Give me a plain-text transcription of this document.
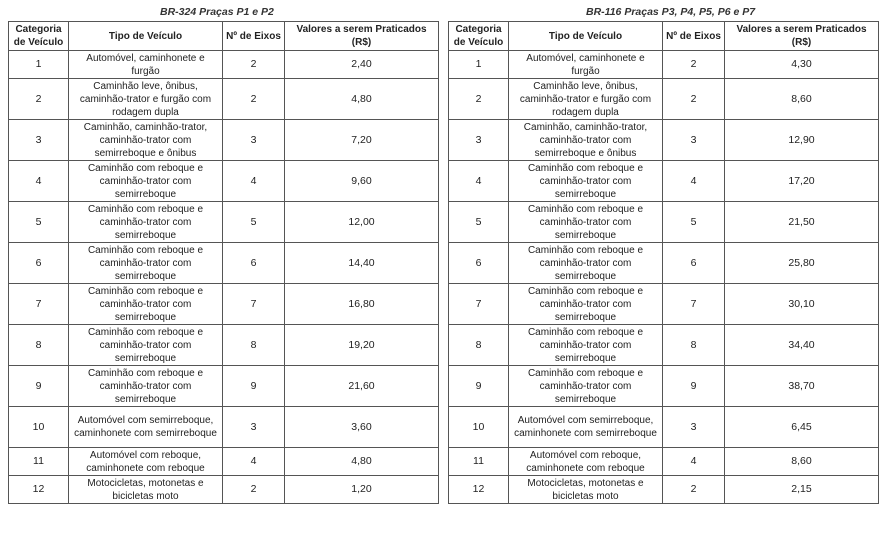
BR-324 Praças P1 e P2
Categoria de Veículo	Tipo de Veículo	Nº de Eixos	Valores a serem Praticados (R$)
1	Automóvel, caminhonete e furgão	2	2,40
2	Caminhão leve, ônibus, caminhão-trator e furgão com rodagem dupla	2	4,80
3	Caminhão, caminhão-trator, caminhão-trator com semirreboque e ônibus	3	7,20
4	Caminhão com reboque e caminhão-trator com semirreboque	4	9,60
5	Caminhão com reboque e caminhão-trator com semirreboque	5	12,00
6	Caminhão com reboque e caminhão-trator com semirreboque	6	14,40
7	Caminhão com reboque e caminhão-trator com semirreboque	7	16,80
8	Caminhão com reboque e caminhão-trator com semirreboque	8	19,20
9	Caminhão com reboque e caminhão-trator com semirreboque	9	21,60
10	Automóvel com semirreboque, caminhonete com semirreboque	3	3,60
11	Automóvel com reboque, caminhonete com reboque	4	4,80
12	Motocicletas, motonetas e bicicletas moto	2	1,20
BR-116 Praças P3, P4, P5, P6 e P7
Categoria de Veículo	Tipo de Veículo	Nº de Eixos	Valores a serem Praticados (R$)
1	Automóvel, caminhonete e furgão	2	4,30
2	Caminhão leve, ônibus, caminhão-trator e furgão com rodagem dupla	2	8,60
3	Caminhão, caminhão-trator, caminhão-trator com semirreboque e ônibus	3	12,90
4	Caminhão com reboque e caminhão-trator com semirreboque	4	17,20
5	Caminhão com reboque e caminhão-trator com semirreboque	5	21,50
6	Caminhão com reboque e caminhão-trator com semirreboque	6	25,80
7	Caminhão com reboque e caminhão-trator com semirreboque	7	30,10
8	Caminhão com reboque e caminhão-trator com semirreboque	8	34,40
9	Caminhão com reboque e caminhão-trator com semirreboque	9	38,70
10	Automóvel com semirreboque, caminhonete com semirreboque	3	6,45
11	Automóvel com reboque, caminhonete com reboque	4	8,60
12	Motocicletas, motonetas e bicicletas moto	2	2,15
